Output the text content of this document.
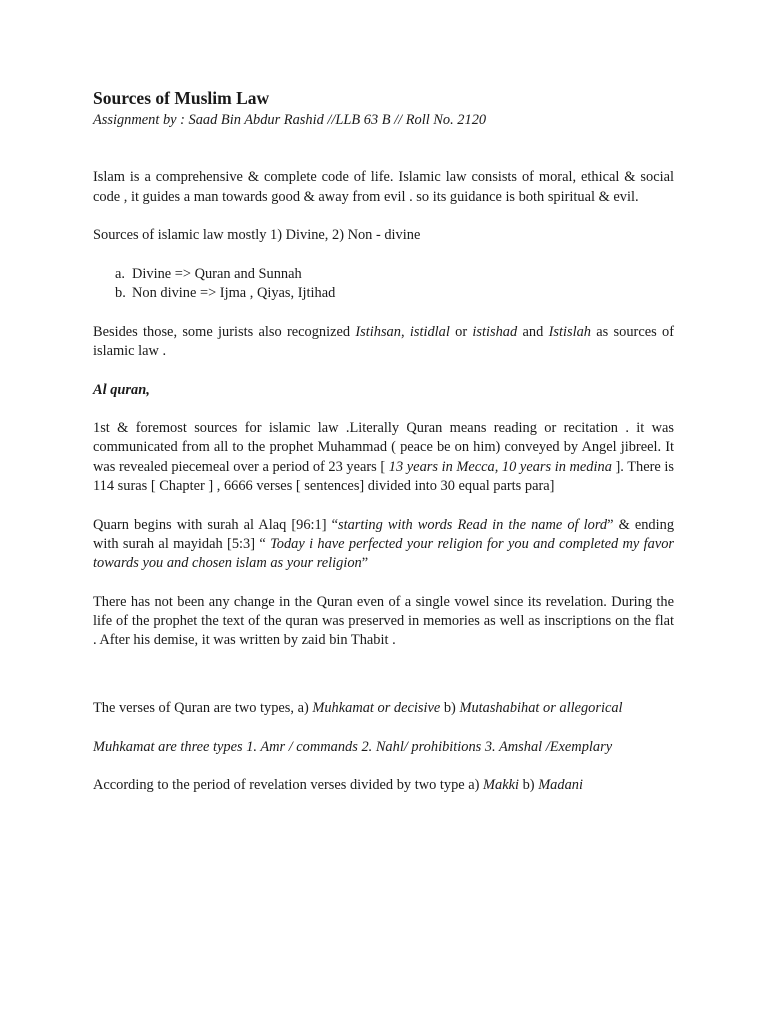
Sources of Muslim Law

Assignment by : Saad Bin Abdur Rashid //LLB 63 B // Roll No. 2120

Islam is a comprehensive & complete code of life. Islamic law consists of moral, ethical & social code , it guides a man towards good & away from evil . so its guidance is both spiritual & evil.

Sources of islamic law mostly 1) Divine, 2) Non - divine

a. Divine => Quran and Sunnah
b. Non divine => Ijma , Qiyas, Ijtihad

Besides those, some jurists also recognized Istihsan, istidlal or istishad and Istislah as sources of islamic law .

Al quran,

1st & foremost sources for islamic law .Literally Quran means reading or recitation . it was communicated from all to the prophet Muhammad ( peace be on him) conveyed by Angel jibreel. It was revealed piecemeal over a period of 23 years [ 13 years in Mecca, 10 years in medina ]. There is 114 suras [ Chapter ] , 6666 verses [ sentences] divided into 30 equal parts para]

Quarn begins with surah al Alaq [96:1] “starting with words Read in the name of lord” & ending with surah al mayidah [5:3] “ Today i have perfected your religion for you and completed my favor towards you and chosen islam as your religion”

There has not been any change in the Quran even of a single vowel since its revelation. During the life of the prophet the text of the quran was preserved in memories as well as inscriptions on the flat . After his demise, it was written by zaid bin Thabit .

The verses of Quran are two types, a) Muhkamat or decisive b) Mutashabihat or allegorical

Muhkamat are three types 1. Amr / commands 2. Nahl/ prohibitions 3. Amshal /Exemplary

According to the period of revelation verses divided by two type a) Makki b) Madani
